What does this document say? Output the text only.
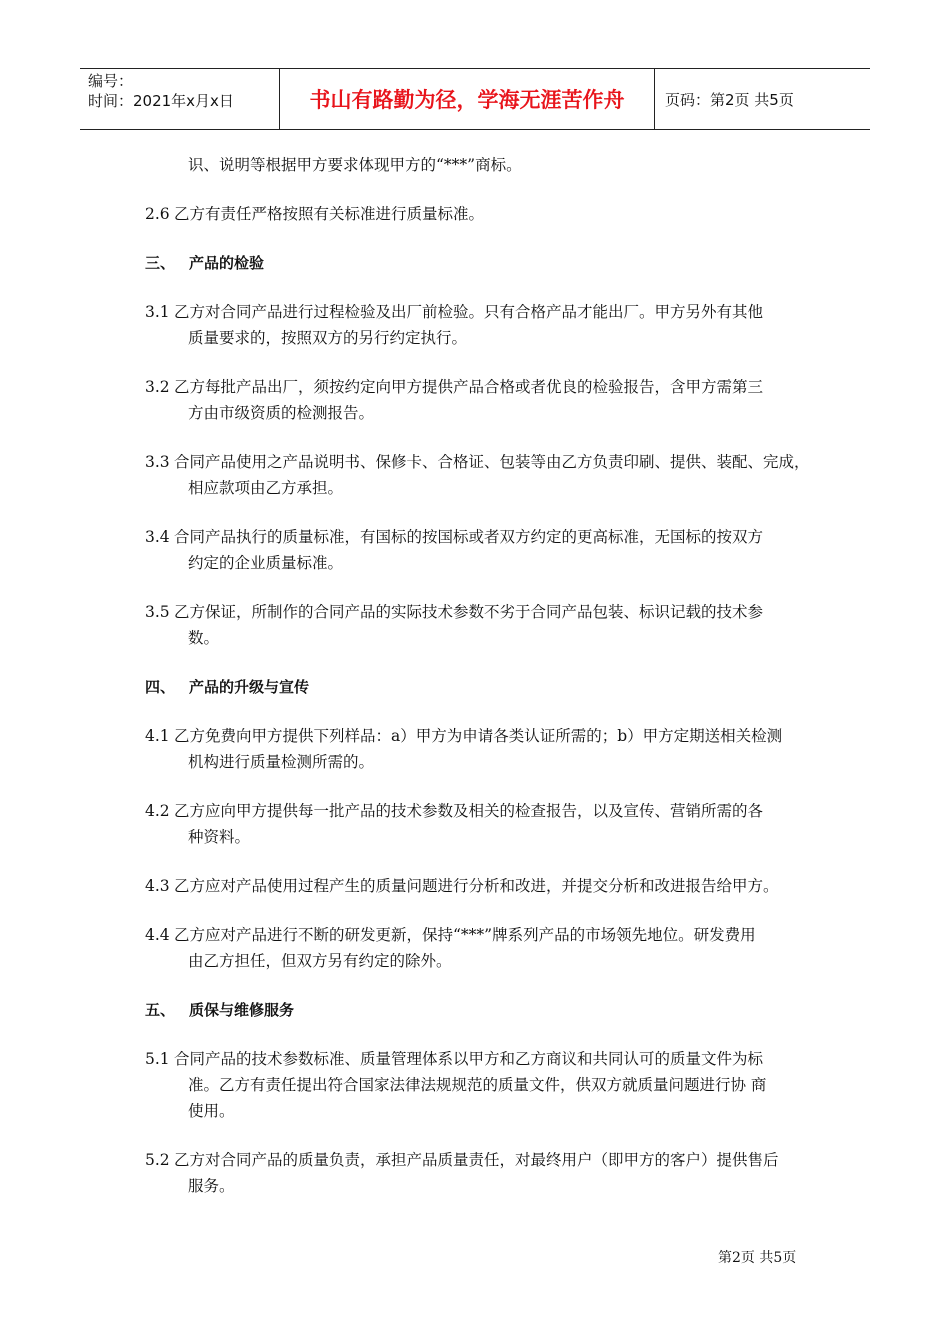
编号：
时间：2021年x月x日	书山有路勤为径，学海无涯苦作舟	页码：第2页 共5页

识、说明等根据甲方要求体现甲方的“***”商标。

2.6 乙方有责任严格按照有关标准进行质量标准。
三、 产品的检验
3.1 乙方对合同产品进行过程检验及出厂前检验。只有合格产品才能出厂。甲方另外有其他
质量要求的，按照双方的另行约定执行。
3.2 乙方每批产品出厂，须按约定向甲方提供产品合格或者优良的检验报告，含甲方需第三
方由市级资质的检测报告。
3.3 合同产品使用之产品说明书、保修卡、合格证、包装等由乙方负责印刷、提供、装配、完成，
相应款项由乙方承担。
3.4 合同产品执行的质量标准，有国标的按国标或者双方约定的更高标准，无国标的按双方
约定的企业质量标准。
3.5 乙方保证，所制作的合同产品的实际技术参数不劣于合同产品包装、标识记载的技术参
数。
四、 产品的升级与宣传
4.1 乙方免费向甲方提供下列样品：a）甲方为申请各类认证所需的；b）甲方定期送相关检测
机构进行质量检测所需的。
4.2 乙方应向甲方提供每一批产品的技术参数及相关的检查报告，以及宣传、营销所需的各
种资料。
4.3 乙方应对产品使用过程产生的质量问题进行分析和改进，并提交分析和改进报告给甲方。
4.4 乙方应对产品进行不断的研发更新，保持“***”牌系列产品的市场领先地位。研发费用
由乙方担任，但双方另有约定的除外。
五、 质保与维修服务
5.1 合同产品的技术参数标准、质量管理体系以甲方和乙方商议和共同认可的质量文件为标
准。乙方有责任提出符合国家法律法规规范的质量文件，供双方就质量问题进行协 商
使用。
5.2 乙方对合同产品的质量负责，承担产品质量责任，对最终用户（即甲方的客户）提供售后
服务。
第2页 共5页
